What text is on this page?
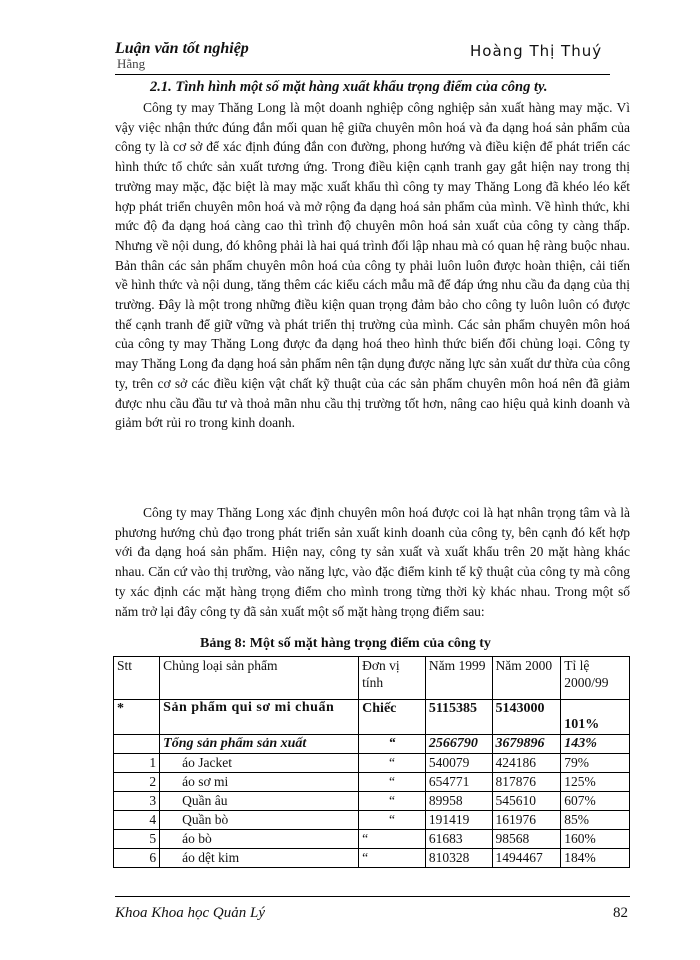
Luận văn tốt nghiệp	Hoàng Thị Thuý
Hằng
2.1. Tình hình một số mặt hàng xuất khẩu trọng điểm của công ty.

Công ty may Thăng Long là một doanh nghiệp công nghiệp sản xuất hàng may mặc. Vì vậy việc nhận thức đúng đắn mối quan hệ giữa chuyên môn hoá và đa dạng hoá sản phẩm của công ty là cơ sở để xác định đúng đắn con đường, phong hướng và điều kiện để phát triển các hình thức tổ chức sản xuất tương ứng. Trong điều kiện cạnh tranh gay gắt hiện nay trong thị trường may mặc, đặc biệt là may mặc xuất khẩu thì công ty may Thăng Long đã khéo léo kết hợp phát triển chuyên môn hoá và mở rộng đa dạng hoá sản phẩm của mình. Về hình thức, khi mức độ đa dạng hoá càng cao thì trình độ chuyên môn hoá sản xuất của công ty càng thấp. Nhưng về nội dung, đó không phải là hai quá trình đối lập nhau mà có quan hệ ràng buộc nhau. Bản thân các sản phẩm chuyên môn hoá của công ty phải luôn luôn được hoàn thiện, cải tiến về hình thức và nội dung, tăng thêm các kiểu cách mẫu mã để đáp ứng nhu cầu đa dạng của thị trường. Đây là một trong những điều kiện quan trọng đảm bảo cho công ty luôn luôn có được thế cạnh tranh để giữ vững và phát triển thị trường của mình. Các sản phẩm chuyên môn hoá của công ty may Thăng Long được đa dạng hoá theo hình thức biến đổi chủng loại. Công ty may Thăng Long đa dạng hoá sản phẩm nên tận dụng được năng lực sản xuất dư thừa của công ty, trên cơ sở các điều kiện vật chất kỹ thuật của các sản phẩm chuyên môn hoá nên đã giảm được nhu cầu đầu tư và thoả mãn nhu cầu thị trường tốt hơn, nâng cao hiệu quả kinh doanh và giảm bớt rủi ro trong kinh doanh.

Công ty may Thăng Long xác định chuyên môn hoá được coi là hạt nhân trọng tâm và là phương hướng chủ đạo trong phát triển sản xuất kinh doanh của công ty, bên cạnh đó kết hợp với đa dạng hoá sản phẩm. Hiện nay, công ty sản xuất và xuất khẩu trên 20 mặt hàng khác nhau. Căn cứ vào thị trường, vào năng lực, vào đặc điểm kinh tế kỹ thuật của công ty mà công ty xác định các mặt hàng trọng điểm cho mình trong từng thời kỳ khác nhau. Trong một số năm trở lại đây công ty đã sản xuất một số mặt hàng trọng điểm sau:

Bảng 8: Một số mặt hàng trọng điểm của công ty
Stt	Chủng loại sản phẩm	Đơn vị tính	Năm 1999	Năm 2000	Tỉ lệ 2000/99
*	Sản phẩm qui sơ mi chuẩn	Chiếc	5115385	5143000	101%
	Tổng sản phẩm sản xuất	“	2566790	3679896	143%
1	áo Jacket	“	540079	424186	79%
2	áo sơ mi	“	654771	817876	125%
3	Quần âu	“	89958	545610	607%
4	Quần bò	“	191419	161976	85%
5	áo bò	“	61683	98568	160%
6	áo dệt kim	“	810328	1494467	184%
Khoa Khoa học Quản Lý	82
